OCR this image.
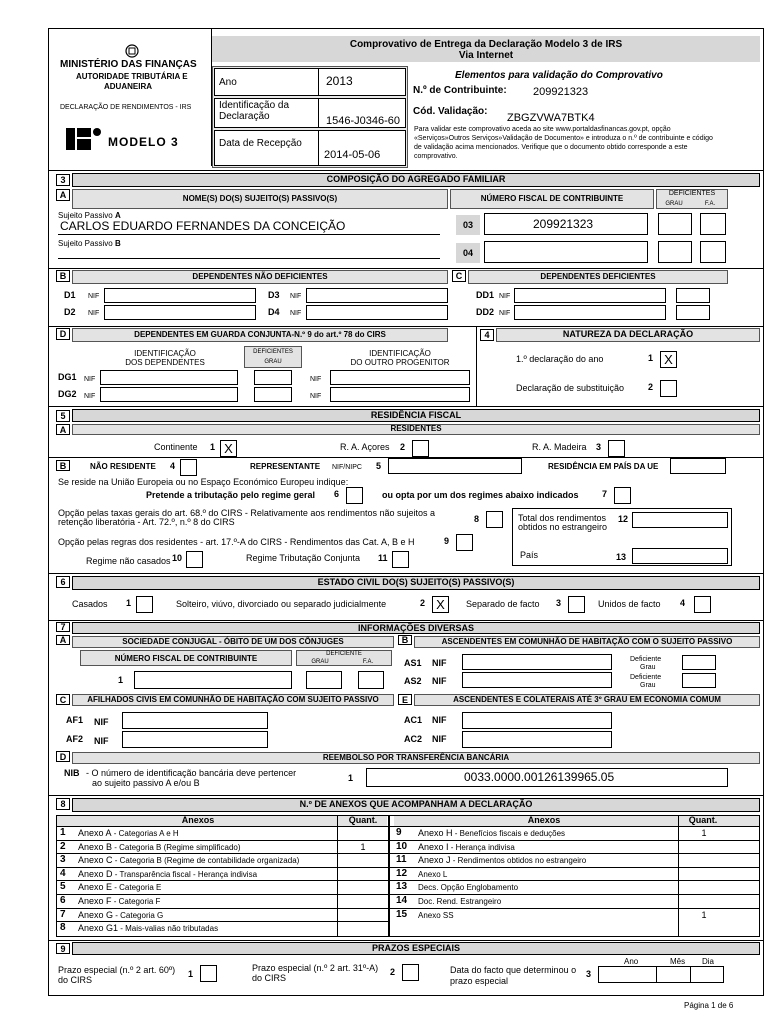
MINISTÉRIO DAS FINANÇAS
AUTORIDADE TRIBUTÁRIA E
ADUANEIRA
DECLARAÇÃO DE RENDIMENTOS - IRS
MODELO 3
Comprovativo de Entrega da Declaração Modelo 3 de IRS
Via Internet
Ano	2013
Identificação da
Declaração	1546-J0346-60
Data de Recepção
2014-05-06
Elementos para validação do Comprovativo
N.º de Contribuinte: 209921323
Cód. Validação:
ZBGZVWA7BTK4
Para validar este comprovativo aceda ao site www.portaldasfinancas.gov.pt, opção
«Serviços»Outros Serviços»Validação de Documento» e introduza o n.º de contribuinte e código
de validação acima mencionados. Verifique que o documento obtido corresponde a este
comprovativo.
3	COMPOSIÇÃO DO AGREGADO FAMILIAR
A	NOME(S) DO(S) SUJEITO(S) PASSIVO(S)	NÚMERO FISCAL DE CONTRIBUINTE
DEFICIENTES
GRAU	F.A.
Sujeito Passivo A
CARLOS EDUARDO FERNANDES DA CONCEIÇÃO	03	209921323
Sujeito Passivo B
04
B	DEPENDENTES NÃO DEFICIENTES	C	DEPENDENTES DEFICIENTES
D1 NIF
D2 NIF
D3 NIF
D4 NIF
DD1 NIF
DD2 NIF
D	DEPENDENTES EM GUARDA CONJUNTA-N.º 9 do art.º 78 do CIRS
IDENTIFICAÇÃO
DOS DEPENDENTES
DEFICIENTES
GRAU
IDENTIFICAÇÃO
DO OUTRO PROGENITOR
DG1 NIF	NIF
DG2 NIF	NIF
4	NATUREZA DA DECLARAÇÃO
1.º declaração do ano	1 X
Declaração de substituição	2
5	RESIDÊNCIA FISCAL
A	RESIDENTES
Continente 1 X	R. A. Açores 2	R. A. Madeira 3
B	NÃO RESIDENTE 4	REPRESENTANTE NIF/NIPC 5	RESIDÊNCIA EM PAÍS DA UE
Se reside na União Europeia ou no Espaço Económico Europeu indique:
Pretende a tributação pelo regime geral 6	ou opta por um dos regimes abaixo indicados	7
Opção pelas taxas gerais do art. 68.º do CIRS - Relativamente aos rendimentos não sujeitos a
retenção liberatória - Art. 72.º, n.º 8 do CIRS	8	Total dos rendimentos
obtidos no estrangeiro
12
Opção pelas regras dos residentes - art. 17.º-A do CIRS - Rendimentos das Cat. A, B e H	9
País	13
Regime não casados 10	Regime Tributação Conjunta 11
6	ESTADO CIVIL DO(S) SUJEITO(S) PASSIVO(S)
Casados 1	Solteiro, viúvo, divorciado ou separado judicialmente	2 X	Separado de facto 3	Unidos de facto 4
7	INFORMAÇÕES DIVERSAS
A	SOCIEDADE CONJUGAL - ÓBITO DE UM DOS CÔNJUGES	B	ASCENDENTES EM COMUNHÃO DE HABITAÇÃO COM O SUJEITO PASSIVO
NÚMERO FISCAL DE CONTRIBUINTE	DEFICIENTE
GRAU	F.A.
1
AS1 NIF	Deficiente
Grau
AS2 NIF	Deficiente
Grau
C	AFILHADOS CIVIS EM COMUNHÃO DE HABITAÇÃO COM SUJEITO PASSIVO	E	ASCENDENTES E COLATERAIS ATÉ 3º GRAU EM ECONOMIA COMUM
AF1 NIF
AF2 NIF
AC1 NIF
AC2 NIF
D	REEMBOLSO POR TRANSFERÊNCIA BANCÁRIA
NIB - O número de identificação bancária deve pertencer
ao sujeito passivo A e/ou B	1	0033.0000.00126139965.05
8	N.º DE ANEXOS QUE ACOMPANHAM A DECLARAÇÃO
Anexos	Quant.	Anexos	Quant.
1 Anexo A - Categorias A e H
2 Anexo B - Categoria B (Regime simplificado)	1
3 Anexo C - Categoria B (Regime de contabilidade organizada)
4 Anexo D - Transparência fiscal - Herança indivisa
5 Anexo E - Categoria E
6 Anexo F - Categoria F
7 Anexo G - Categoria G
8 Anexo G1 - Mais-valias não tributadas
9 Anexo H - Benefícios fiscais e deduções	1
10 Anexo I - Herança indivisa
11 Anexo J - Rendimentos obtidos no estrangeiro
12 Anexo L
13 Decs. Opção Englobamento
14 Doc. Rend. Estrangeiro
15 Anexo SS	1
9	PRAZOS ESPECIAIS
Prazo especial (n.º 2 art. 60º)
do CIRS
1
Prazo especial (n.º 2 art. 31º-A)
do CIRS
2	Data do facto que determinou o
prazo especial
3
Ano	Mês Dia
Página 1 de 6
